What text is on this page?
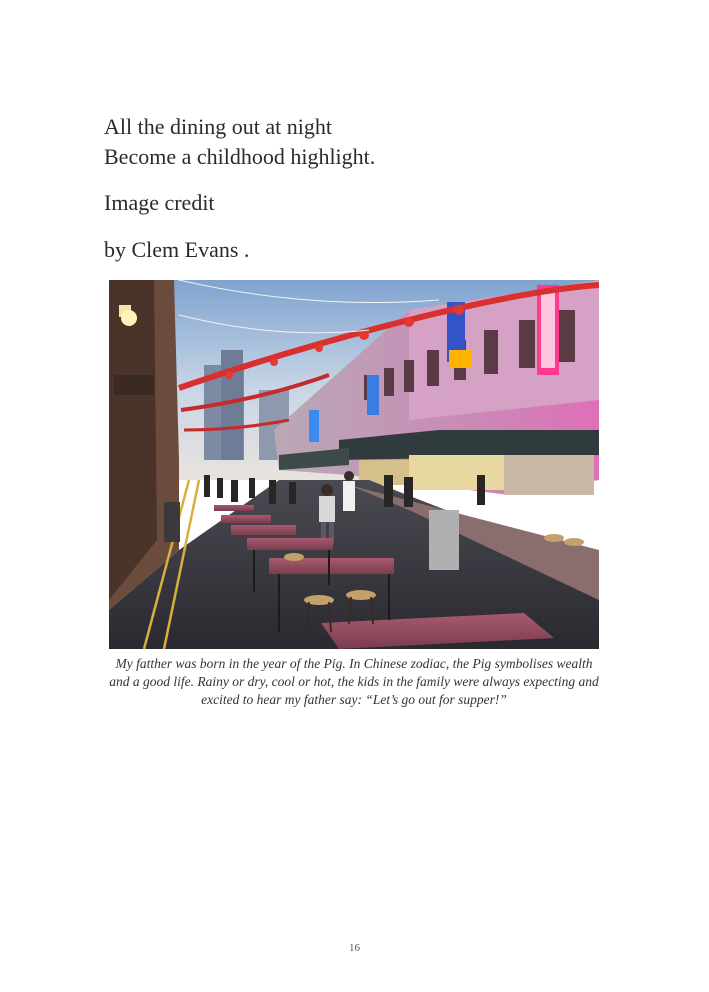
All the dining out at night
Become a childhood highlight.
Image credit
by Clem Evans .
My fatther was born in the year of the Pig. In Chinese zodiac, the Pig symbolises wealth and a good life. Rainy or dry, cool or hot, the kids in the family were always expecting and excited to hear my father say: “Let’s go out for supper!”
16
